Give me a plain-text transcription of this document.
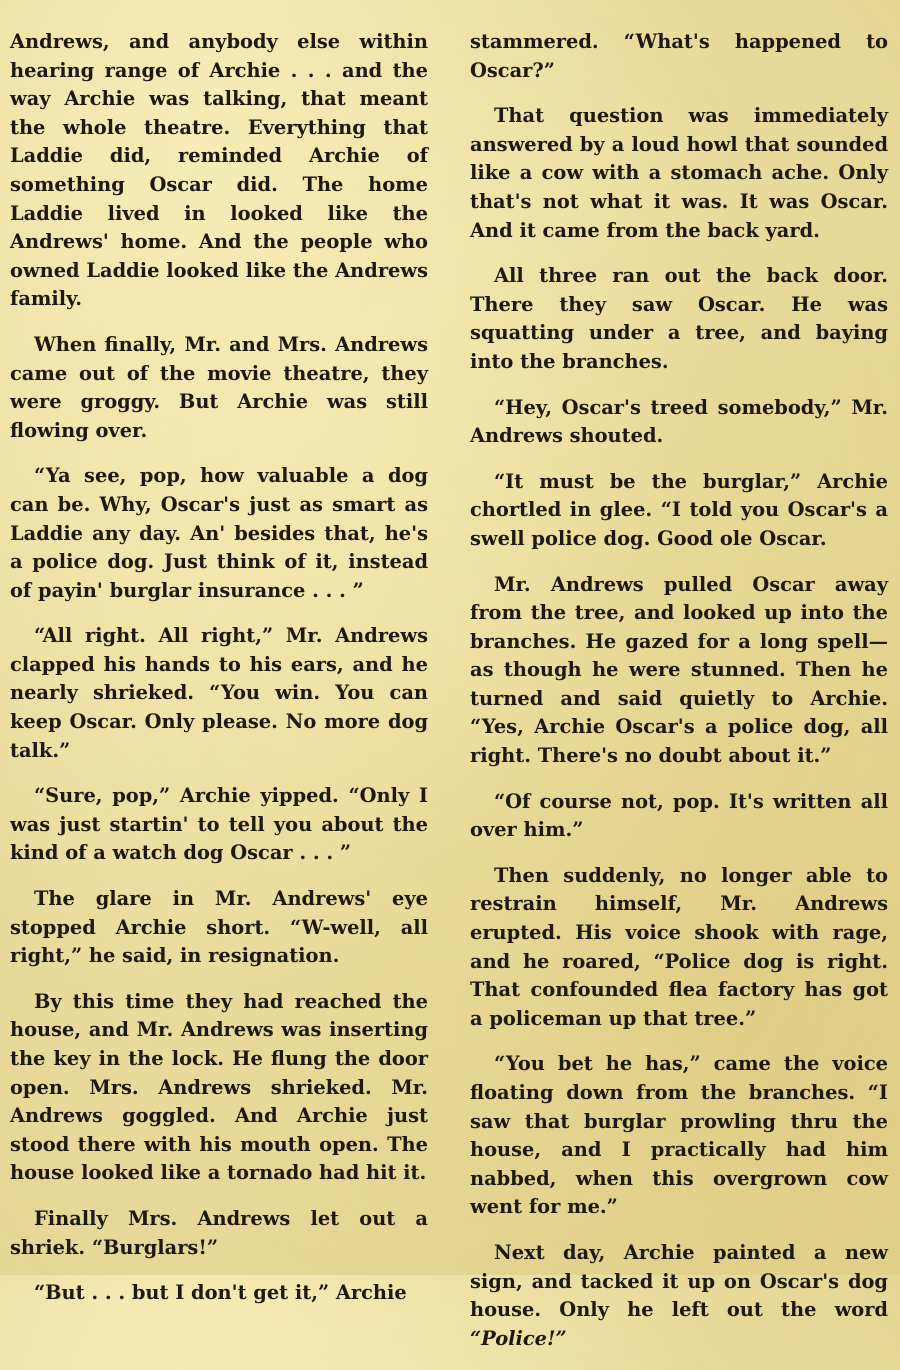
Andrews, and anybody else within hearing range of Archie . . . and the way Archie was talking, that meant the whole theatre. Everything that Laddie did, reminded Archie of something Oscar did. The home Laddie lived in looked like the Andrews' home. And the people who owned Laddie looked like the Andrews family.

When finally, Mr. and Mrs. Andrews came out of the movie theatre, they were groggy. But Archie was still flowing over.

“Ya see, pop, how valuable a dog can be. Why, Oscar's just as smart as Laddie any day. An' besides that, he's a police dog. Just think of it, instead of payin' burglar insurance . . . ”

“All right. All right,” Mr. Andrews clapped his hands to his ears, and he nearly shrieked. “You win. You can keep Oscar. Only please. No more dog talk.”

“Sure, pop,” Archie yipped. “Only I was just startin' to tell you about the kind of a watch dog Oscar . . . ”

The glare in Mr. Andrews' eye stopped Archie short. “W-well, all right,” he said, in resignation.

By this time they had reached the house, and Mr. Andrews was inserting the key in the lock. He flung the door open. Mrs. Andrews shrieked. Mr. Andrews goggled. And Archie just stood there with his mouth open. The house looked like a tornado had hit it.

Finally Mrs. Andrews let out a shriek. “Burglars!”

“But . . . but I don't get it,” Archie

stammered. “What's happened to Oscar?”

That question was immediately answered by a loud howl that sounded like a cow with a stomach ache. Only that's not what it was. It was Oscar. And it came from the back yard.

All three ran out the back door. There they saw Oscar. He was squatting under a tree, and baying into the branches.

“Hey, Oscar's treed somebody,” Mr. Andrews shouted.

“It must be the burglar,” Archie chortled in glee. “I told you Oscar's a swell police dog. Good ole Oscar.

Mr. Andrews pulled Oscar away from the tree, and looked up into the branches. He gazed for a long spell—as though he were stunned. Then he turned and said quietly to Archie. “Yes, Archie Oscar's a police dog, all right. There's no doubt about it.”

“Of course not, pop. It's written all over him.”

Then suddenly, no longer able to restrain himself, Mr. Andrews erupted. His voice shook with rage, and he roared, “Police dog is right. That confounded flea factory has got a policeman up that tree.”

“You bet he has,” came the voice floating down from the branches. “I saw that burglar prowling thru the house, and I practically had him nabbed, when this overgrown cow went for me.”

Next day, Archie painted a new sign, and tacked it up on Oscar's dog house. Only he left out the word “Police!”
